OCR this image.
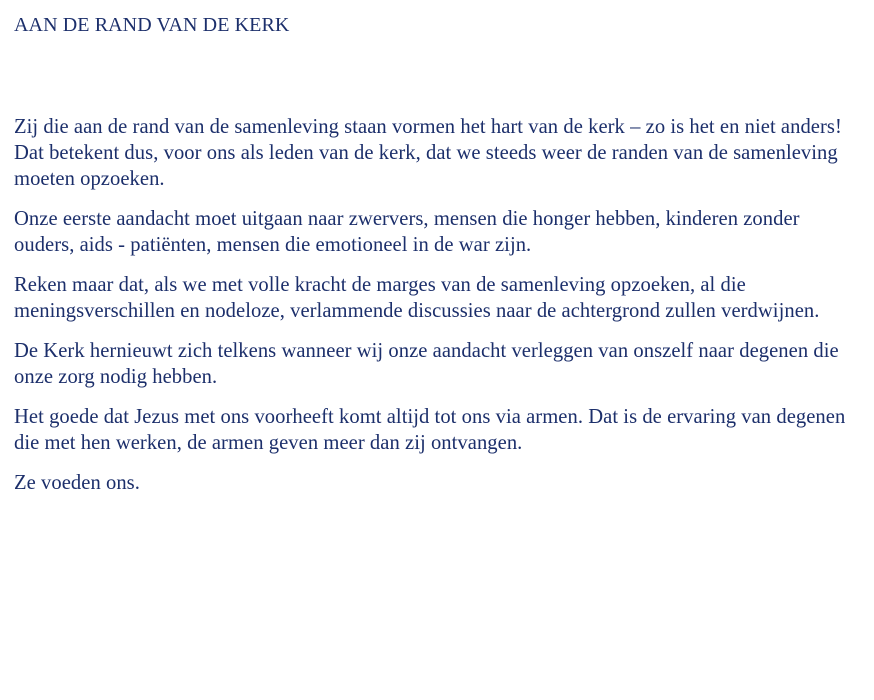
AAN DE RAND VAN DE KERK

Zij die aan de rand van de samenleving staan vormen het hart van de kerk – zo is het en niet anders! Dat betekent dus, voor ons als leden van de kerk, dat we steeds weer de randen van de samenleving moeten opzoeken.

Onze eerste aandacht moet uitgaan naar zwervers, mensen die honger hebben, kinderen zonder ouders, aids - patiënten, mensen die emotioneel in de war zijn.

Reken maar dat, als we met volle kracht de marges van de samenleving opzoeken, al die meningsverschillen en nodeloze, verlammende discussies naar de achtergrond zullen verdwijnen.

De Kerk hernieuwt zich telkens wanneer wij onze aandacht verleggen van onszelf naar degenen die onze zorg nodig hebben.

Het goede dat Jezus met ons voorheeft komt altijd tot ons via armen. Dat is de ervaring van degenen die met hen werken, de armen geven meer dan zij ontvangen.

Ze voeden ons.
